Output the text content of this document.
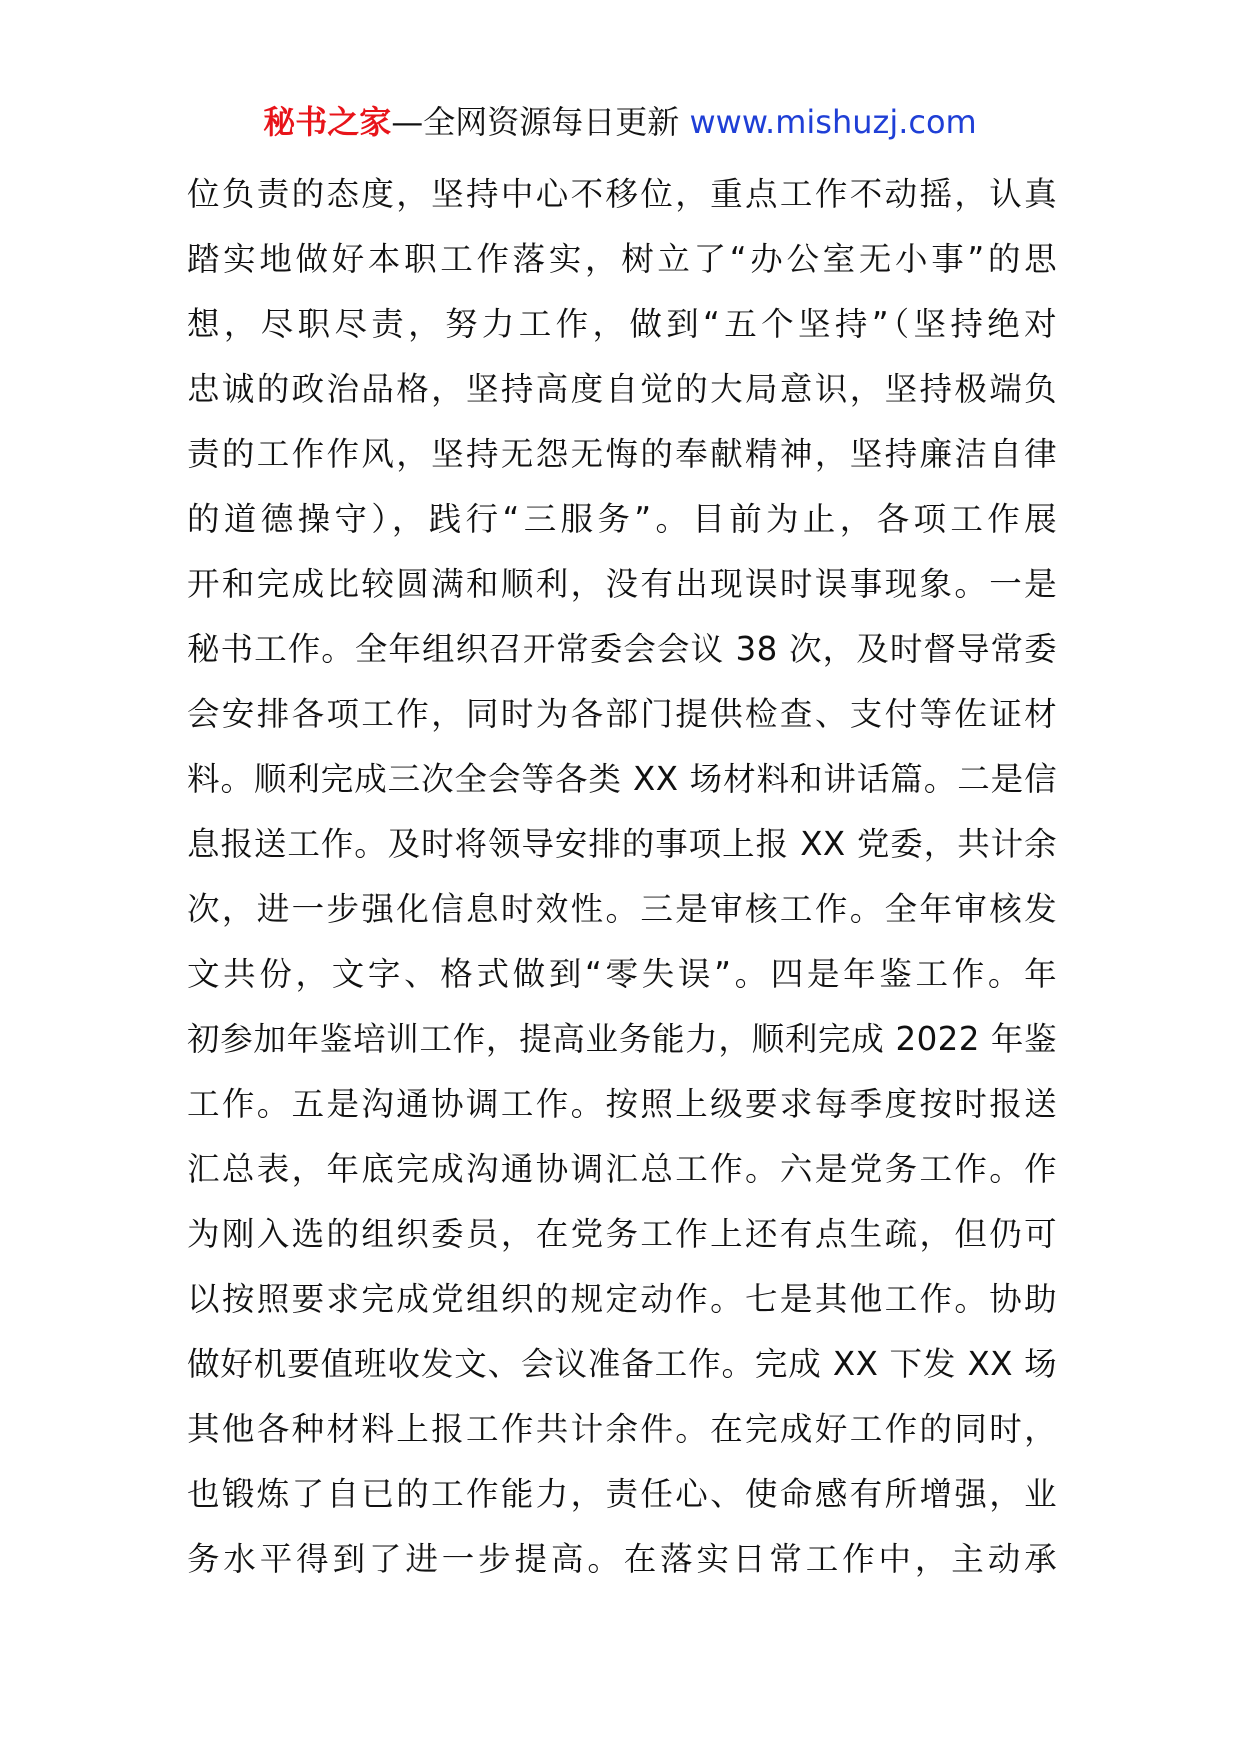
秘书之家—全网资源每日更新 www.mishuzj.com
位负责的态度，坚持中心不移位，重点工作不动摇，认真
踏实地做好本职工作落实，树立了“办公室无小事”的思
想，尽职尽责，努力工作，做到“五个坚持”（坚持绝对
忠诚的政治品格，坚持高度自觉的大局意识，坚持极端负
责的工作作风，坚持无怨无悔的奉献精神，坚持廉洁自律
的道德操守），践行“三服务”。目前为止，各项工作展
开和完成比较圆满和顺利，没有出现误时误事现象。一是
秘书工作。全年组织召开常委会会议 38 次，及时督导常委
会安排各项工作，同时为各部门提供检查、支付等佐证材
料。顺利完成三次全会等各类 XX 场材料和讲话篇。二是信
息报送工作。及时将领导安排的事项上报 XX 党委，共计余
次，进一步强化信息时效性。三是审核工作。全年审核发
文共份，文字、格式做到“零失误”。四是年鉴工作。年
初参加年鉴培训工作，提高业务能力，顺利完成 2022 年鉴
工作。五是沟通协调工作。按照上级要求每季度按时报送
汇总表，年底完成沟通协调汇总工作。六是党务工作。作
为刚入选的组织委员，在党务工作上还有点生疏，但仍可
以按照要求完成党组织的规定动作。七是其他工作。协助
做好机要值班收发文、会议准备工作。完成 XX 下发 XX 场
其他各种材料上报工作共计余件。在完成好工作的同时，
也锻炼了自已的工作能力，责任心、使命感有所增强，业
务水平得到了进一步提高。在落实日常工作中，主动承
